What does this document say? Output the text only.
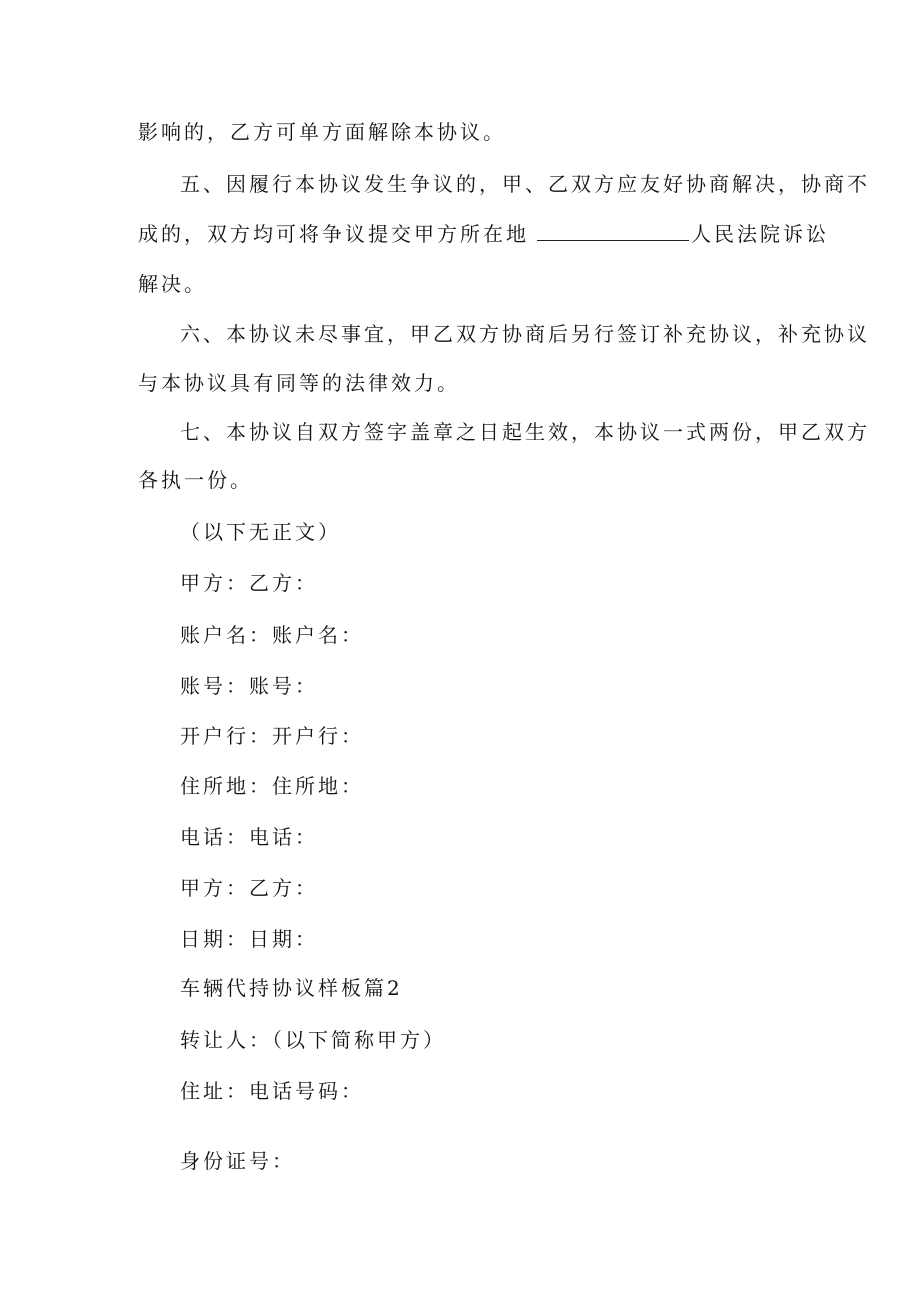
影响的，乙方可单方面解除本协议。
五、因履行本协议发生争议的，甲、乙双方应友好协商解决，协商不
成的，双方均可将争议提交甲方所在地	人民法院诉讼
解决。
六、本协议未尽事宜，甲乙双方协商后另行签订补充协议，补充协议
与本协议具有同等的法律效力。
七、本协议自双方签字盖章之日起生效，本协议一式两份，甲乙双方
各执一份。
（以下无正文）
甲方：乙方：
账户名：账户名：
账号：账号：
开户行：开户行：
住所地：住所地：
电话：电话：
甲方：乙方：
日期：日期：
车辆代持协议样板篇2
转让人：（以下简称甲方）
住址：电话号码：
身份证号：
